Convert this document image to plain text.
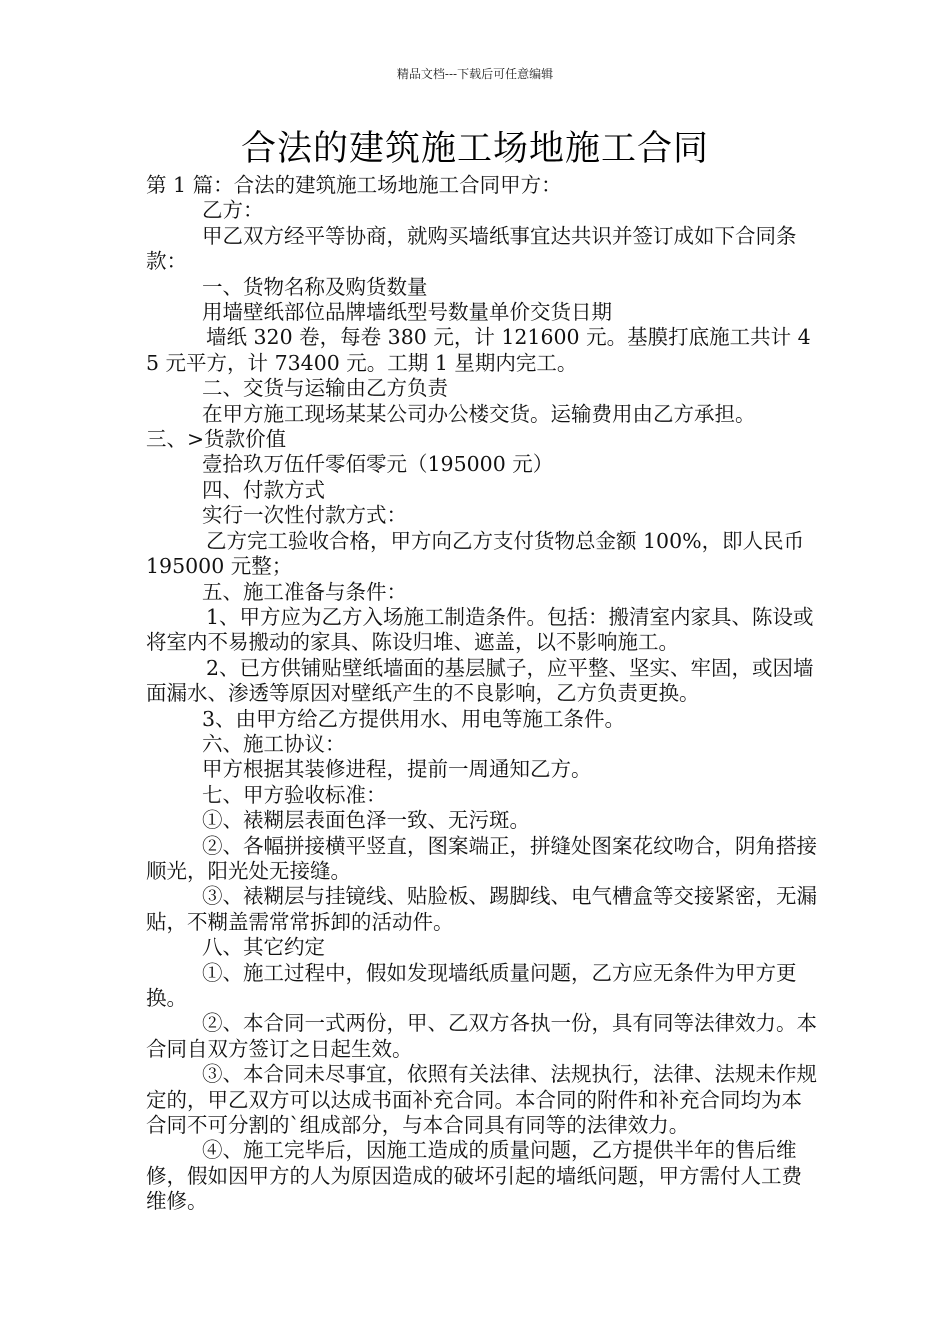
精品文档---下载后可任意编辑
合法的建筑施工场地施工合同

第 1 篇：合法的建筑施工场地施工合同甲方：

乙方：

甲乙双方经平等协商，就购买墙纸事宜达共识并签订成如下合同条款：

一、货物名称及购货数量

用墙壁纸部位品牌墙纸型号数量单价交货日期

墙纸 320 卷，每卷 380 元，计 121600 元。基膜打底施工共计 45 元平方，计 73400 元。工期 1 星期内完工。

二、交货与运输由乙方负责

在甲方施工现场某某公司办公楼交货。运输费用由乙方承担。

三、>货款价值

壹拾玖万伍仟零佰零元（195000 元）

四、付款方式

实行一次性付款方式：

乙方完工验收合格，甲方向乙方支付货物总金额 100%，即人民币 195000 元整；

五、施工准备与条件：

1、甲方应为乙方入场施工制造条件。包括：搬清室内家具、陈设或将室内不易搬动的家具、陈设归堆、遮盖，以不影响施工。

2、已方供铺贴壁纸墙面的基层腻子，应平整、坚实、牢固，或因墙面漏水、渗透等原因对壁纸产生的不良影响，乙方负责更换。

3、由甲方给乙方提供用水、用电等施工条件。

六、施工协议：

甲方根据其装修进程，提前一周通知乙方。

七、甲方验收标准：

①、裱糊层表面色泽一致、无污斑。

②、各幅拼接横平竖直，图案端正，拼缝处图案花纹吻合，阴角搭接顺光，阳光处无接缝。

③、裱糊层与挂镜线、贴脸板、踢脚线、电气槽盒等交接紧密，无漏贴，不糊盖需常常拆卸的活动件。

八、其它约定

①、施工过程中，假如发现墙纸质量问题，乙方应无条件为甲方更换。

②、本合同一式两份，甲、乙双方各执一份，具有同等法律效力。本合同自双方签订之日起生效。

③、本合同未尽事宜，依照有关法律、法规执行，法律、法规未作规定的，甲乙双方可以达成书面补充合同。本合同的附件和补充合同均为本合同不可分割的`组成部分，与本合同具有同等的法律效力。

④、施工完毕后，因施工造成的质量问题，乙方提供半年的售后维修，假如因甲方的人为原因造成的破坏引起的墙纸问题，甲方需付人工费维修。
